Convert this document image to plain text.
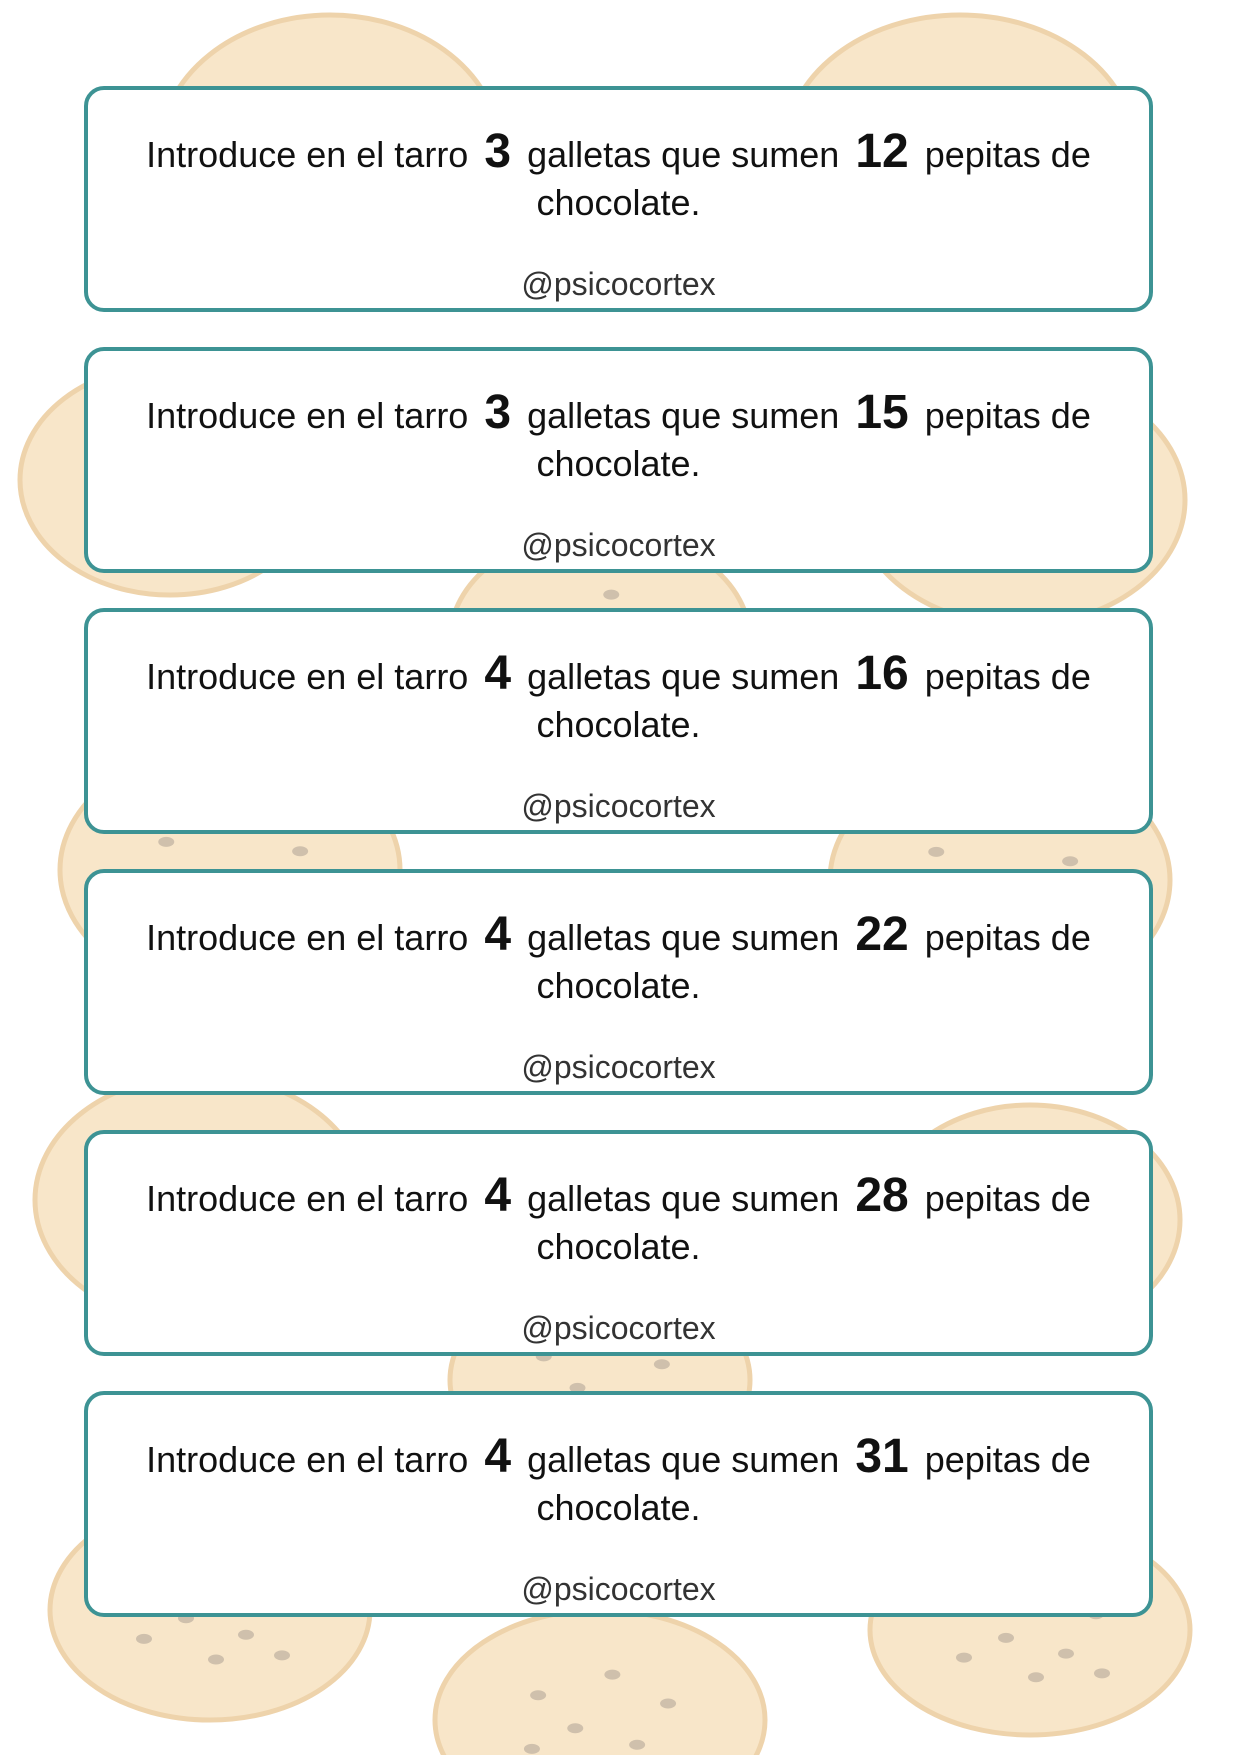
Introduce en el tarro 3 galletas que sumen 12 pepitas de chocolate.
@psicocortex
Introduce en el tarro 3 galletas que sumen 15 pepitas de chocolate.
@psicocortex
Introduce en el tarro 4 galletas que sumen 16 pepitas de chocolate.
@psicocortex
Introduce en el tarro 4 galletas que sumen 22 pepitas de chocolate.
@psicocortex
Introduce en el tarro 4 galletas que sumen 28 pepitas de chocolate.
@psicocortex
Introduce en el tarro 4 galletas que sumen 31 pepitas de chocolate.
@psicocortex
